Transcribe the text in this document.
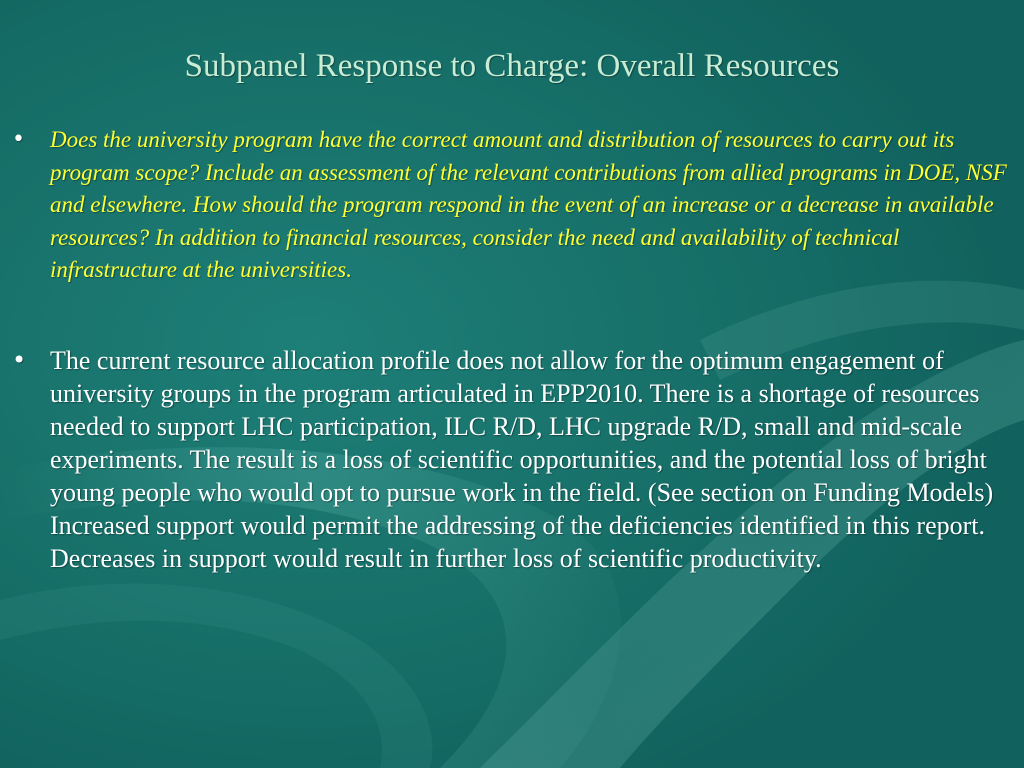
Subpanel Response to Charge: Overall Resources
• Does the university program have the correct amount and distribution of resources to carry out its program scope? Include an assessment of the relevant contributions from allied programs in DOE, NSF and elsewhere. How should the program respond in the event of an increase or a decrease in available resources? In addition to financial resources, consider the need and availability of technical infrastructure at the universities.
• The current resource allocation profile does not allow for the optimum engagement of university groups in the program articulated in EPP2010. There is a shortage of resources needed to support LHC participation, ILC R/D, LHC upgrade R/D, small and mid-scale experiments. The result is a loss of scientific opportunities, and the potential loss of bright young people who would opt to pursue work in the field. (See section on Funding Models) Increased support would permit the addressing of the deficiencies identified in this report. Decreases in support would result in further loss of scientific productivity.
